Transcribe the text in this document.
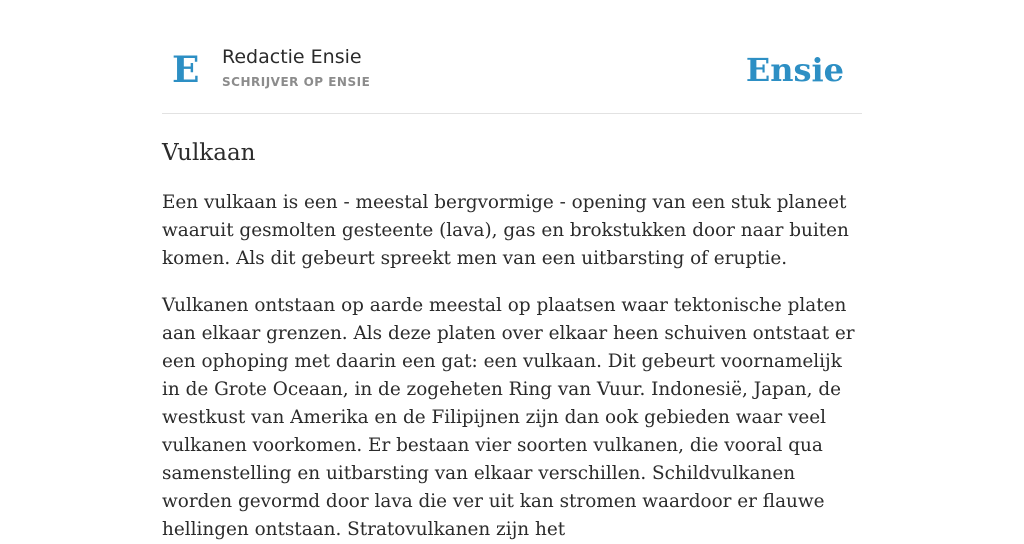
E Redactie Ensie
SCHRIJVER OP ENSIE	Ensie
Vulkaan

Een vulkaan is een - meestal bergvormige - opening van een stuk planeet waaruit gesmolten gesteente (lava), gas en brokstukken door naar buiten komen. Als dit gebeurt spreekt men van een uitbarsting of eruptie.

Vulkanen ontstaan op aarde meestal op plaatsen waar tektonische platen aan elkaar grenzen. Als deze platen over elkaar heen schuiven ontstaat er een ophoping met daarin een gat: een vulkaan. Dit gebeurt voornamelijk in de Grote Oceaan, in de zogeheten Ring van Vuur. Indonesië, Japan, de westkust van Amerika en de Filipijnen zijn dan ook gebieden waar veel vulkanen voorkomen. Er bestaan vier soorten vulkanen, die vooral qua samenstelling en uitbarsting van elkaar verschillen. Schildvulkanen worden gevormd door lava die ver uit kan stromen waardoor er flauwe hellingen ontstaan. Stratovulkanen zijn het
